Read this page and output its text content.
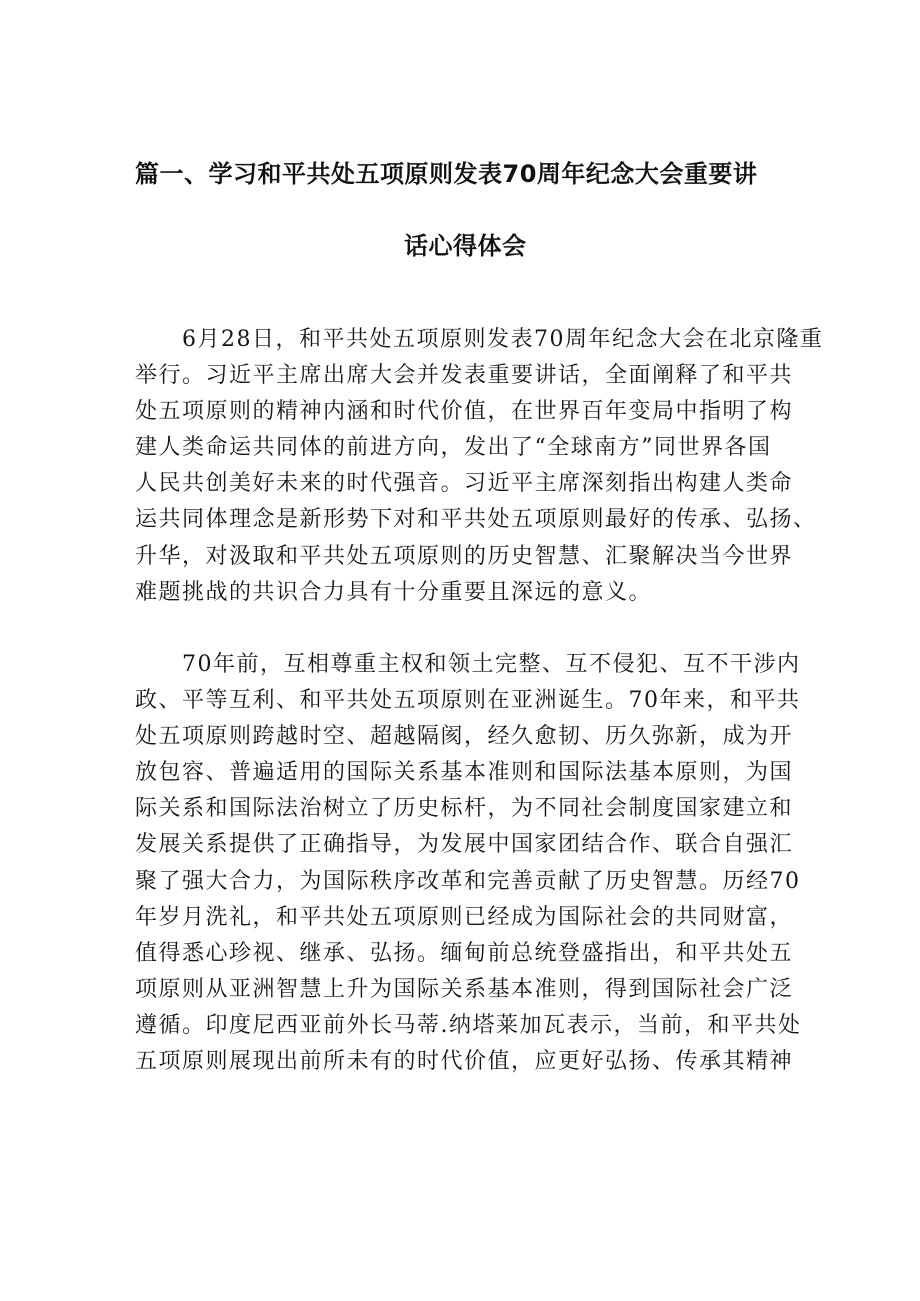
篇一、学习和平共处五项原则发表70周年纪念大会重要讲
话心得体会
　　6月28日，和平共处五项原则发表70周年纪念大会在北京隆重
举行。习近平主席出席大会并发表重要讲话，全面阐释了和平共
处五项原则的精神内涵和时代价值，在世界百年变局中指明了构
建人类命运共同体的前进方向，发出了“全球南方”同世界各国
人民共创美好未来的时代强音。习近平主席深刻指出构建人类命
运共同体理念是新形势下对和平共处五项原则最好的传承、弘扬、
升华，对汲取和平共处五项原则的历史智慧、汇聚解决当今世界
难题挑战的共识合力具有十分重要且深远的意义。
　　70年前，互相尊重主权和领土完整、互不侵犯、互不干涉内
政、平等互利、和平共处五项原则在亚洲诞生。70年来，和平共
处五项原则跨越时空、超越隔阂，经久愈韧、历久弥新，成为开
放包容、普遍适用的国际关系基本准则和国际法基本原则，为国
际关系和国际法治树立了历史标杆，为不同社会制度国家建立和
发展关系提供了正确指导，为发展中国家团结合作、联合自强汇
聚了强大合力，为国际秩序改革和完善贡献了历史智慧。历经70
年岁月洗礼，和平共处五项原则已经成为国际社会的共同财富，
值得悉心珍视、继承、弘扬。缅甸前总统登盛指出，和平共处五
项原则从亚洲智慧上升为国际关系基本准则，得到国际社会广泛
遵循。印度尼西亚前外长马蒂.纳塔莱加瓦表示，当前，和平共处
五项原则展现出前所未有的时代价值，应更好弘扬、传承其精神
